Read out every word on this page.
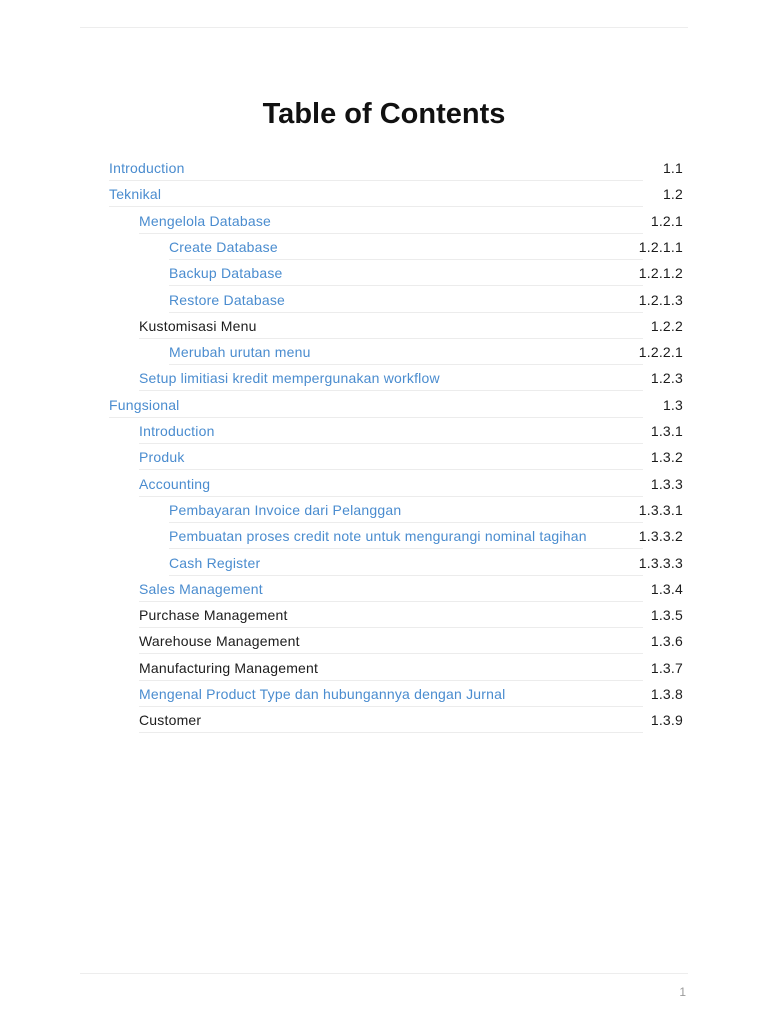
Table of Contents
Introduction	1.1
Teknikal	1.2
Mengelola Database	1.2.1
Create Database	1.2.1.1
Backup Database	1.2.1.2
Restore Database	1.2.1.3
Kustomisasi Menu	1.2.2
Merubah urutan menu	1.2.2.1
Setup limitiasi kredit mempergunakan workflow	1.2.3
Fungsional	1.3
Introduction	1.3.1
Produk	1.3.2
Accounting	1.3.3
Pembayaran Invoice dari Pelanggan	1.3.3.1
Pembuatan proses credit note untuk mengurangi nominal tagihan	1.3.3.2
Cash Register	1.3.3.3
Sales Management	1.3.4
Purchase Management	1.3.5
Warehouse Management	1.3.6
Manufacturing Management	1.3.7
Mengenal Product Type dan hubungannya dengan Jurnal	1.3.8
Customer	1.3.9
1
